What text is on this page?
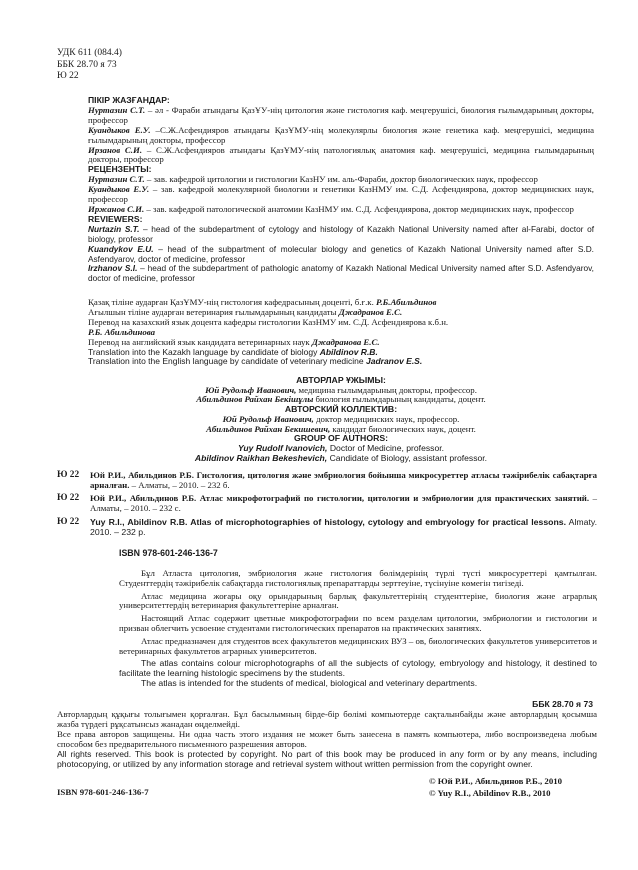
УДК 611 (084.4)
ББК 28.70 я 73
Ю 22
ПІКІР ЖАЗҒАНДАР:
Нуртазин С.Т. – әл - Фараби атындағы ҚазҰУ-нің цитология және гистология каф. меңгерушісі, биология ғылымдарының докторы, профессор
Куандыков Е.У. –С.Ж.Асфендияров атындағы ҚазҰМУ-нің молекулярлы биология және генетика каф. меңгерушісі, медицина ғылымдарының докторы, профессор
Ирзанов С.И. – С.Ж.Асфендияров атындағы ҚазҰМУ-нің патологиялық анатомия каф. меңгерушісі, медицина ғылымдарының докторы, профессор
РЕЦЕНЗЕНТЫ:
Нуртазин С.Т. – зав. кафедрой цитологии и гистологии КазНУ им. аль-Фараби, доктор биологических наук, профессор
Куандыков Е.У. – зав. кафедрой молекулярной биологии и генетики КазНМУ им. С.Д. Асфендиярова, доктор медицинских наук, профессор
Иржанов С.И. – зав. кафедрой патологической анатомии КазНМУ им. С.Д. Асфендиярова, доктор медицинских наук, профессор
REVIEWERS:
Nurtazin S.T. – head of the subdepartment of cytology and histology of Kazakh National University named after al-Farabi, doctor of biology, professor
Kuandykov E.U. – head of the subpartment of molecular biology and genetics of Kazakh National University named after S.D. Asfendyarov, doctor of medicine, professor
Irzhanov S.I. – head of the subdepartment of pathologic anatomy of Kazakh National Medical University named after S.D. Asfendyarov, doctor of medicine, professor
Қазақ тіліне аударған ҚазҰМУ-нің гистология кафедрасының доценті, б.ғ.к. Р.Б.Абильдинов
Ағылшын тіліне аударған ветеринария ғылымдарының кандидаты Джадранов Е.С.
Перевод на казахский язык доцента кафедры гистологии КазНМУ им. С.Д. Асфендиярова к.б.н.
Р.Б. Абильдинова
Перевод на английский язык кандидата ветеринарных наук Джадранова Е.С.
Translation into the Kazakh language by candidate of biology Abildinov R.B.
Translation into the English language by candidate of veterinary medicine Jadranov E.S.
АВТОРЛАР ҰЖЫМЫ:
Юй Рудольф Иванович, медицина ғылымдарының докторы, профессор.
Абильдинов Райхан Бекішұлы биология ғылымдарының кандидаты, доцент.
АВТОРСКИЙ КОЛЛЕКТИВ:
Юй Рудольф Иванович, доктор медицинских наук, профессор.
Абильдинов Райхан Бекишевич, кандидат биологических наук, доцент.
GROUP OF AUTHORS:
Yuy Rudolf Ivanovich, Doctor of Medicine, professor.
Abildinov Raikhan Bekeshevich, Candidate of Biology, assistant professor.
Ю 22 Юй Р.И., Абильдинов Р.Б. Гистология, цитология және эмбриология бойынша микросуреттер атласы тәжірибелік сабақтарға арналған. – Алматы, – 2010. – 232 б.
Ю 22 Юй Р.И., Абильдинов Р.Б. Атлас микрофотографий по гистологии, цитологии и эмбриологии для практических занятий. – Алматы, – 2010. – 232 с.
Ю 22 Yuy R.I., Abildinov R.B. Atlas of microphotographies of histology, cytology and embryology for practical lessons. Almaty. 2010. – 232 p.
ISBN 978-601-246-136-7

Бұл Атласта цитология, эмбриология және гистология бөлімдерінің түрлі түсті микросуреттері қамтылған. Студенттердің тәжірибелік сабақтарда гистологиялық препараттарды зерттеуіне, түсінуіне көмегін тигізеді.

Атлас медицина жоғары оқу орындарының барлық факультеттерінің студенттеріне, биология және аграрлық университеттердің ветеринария факультеттеріне арналған.

Настоящий Атлас содержит цветные микрофотографии по всем разделам цитологии, эмбриологии и гистологии и призван облегчить усвоение студентами гистологических препаратов на практических занятиях.

Атлас предназначен для студентов всех факультетов медицинских ВУЗ – ов, биологических факультетов университетов и ветеринарных факультетов аграрных университетов.

The atlas contains colour microphotographs of all the subjects of cytology, embryology and histology, it destined to facilitate the learning histologic specimens by the students.

The atlas is intended for the students of medical, biological and veterinary departments.

ББК 28.70 я 73
Авторлардың құқығы толығымен қорғалған. Бұл басылымның бірде-бір бөлімі компьютерде сақталынбайды және авторлардың қосымша жазба түрдегі рұқсатынсыз жанадан өңделмейді.
Все права авторов защищены. Ни одна часть этого издания не может быть занесена в память компьютера, либо воспроизведена любым способом без предварительного письменного разрешения авторов.
All rights reserved. This book is protected by copyright. No part of this book may be produced in any form or by any means, including photocopying, or utilized by any information storage and retrieval system without written permission from the copyright owner.
ISBN 978-601-246-136-7
© Юй Р.И., Абильдинов Р.Б., 2010
© Yuy R.I., Abildinov R.B., 2010
